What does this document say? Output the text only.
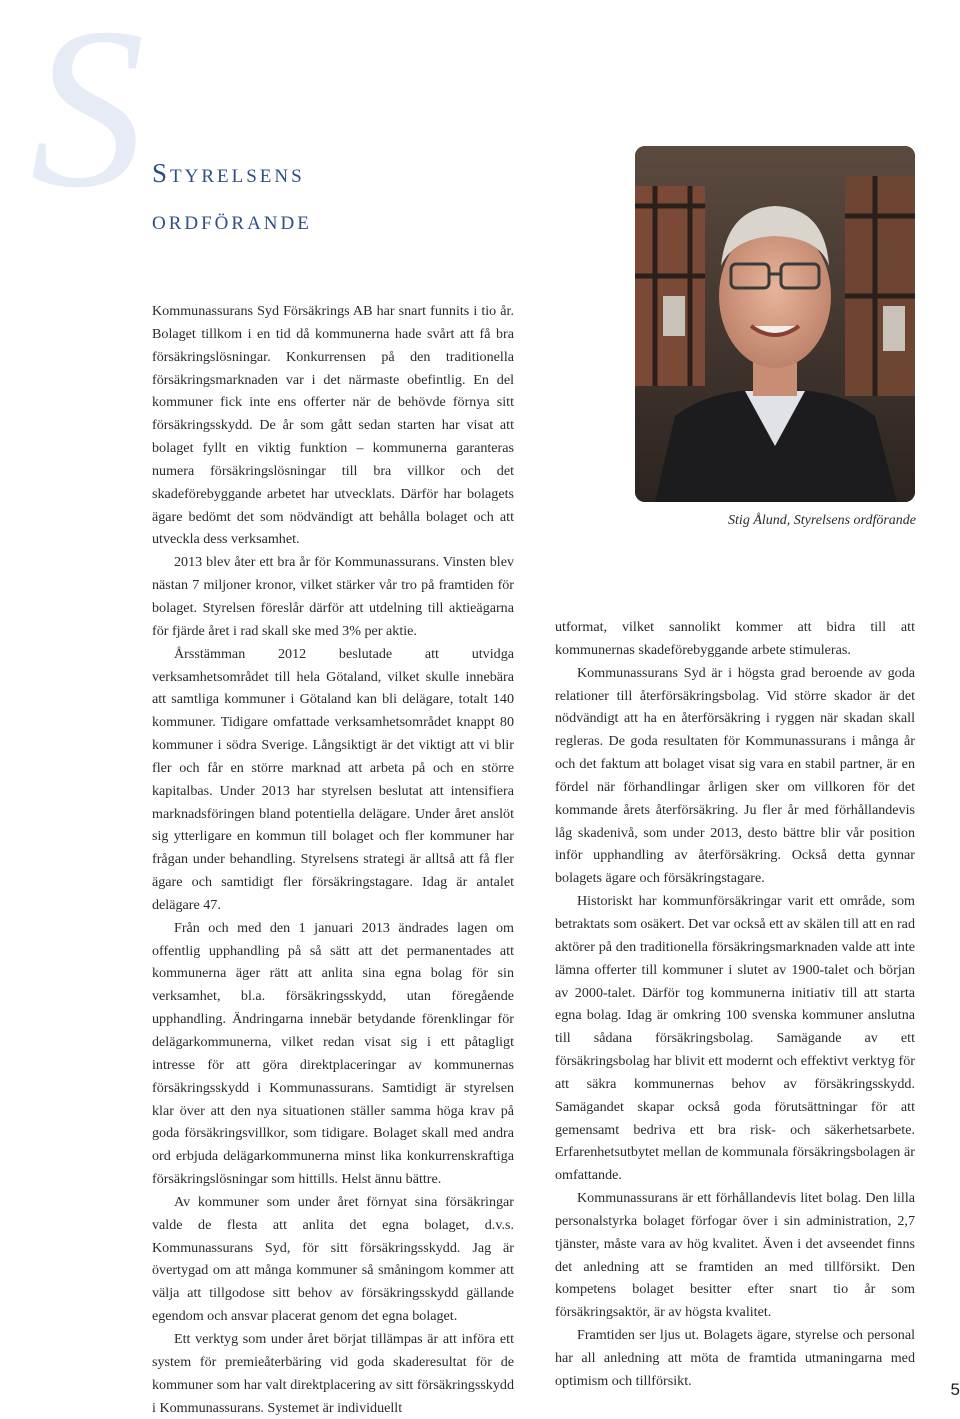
S Styrelsens
ordförande
Stig Ålund, Styrelsens ordförande

Kommunassurans Syd Försäkrings AB har snart funnits i tio år. Bolaget tillkom i en tid då kommunerna hade svårt att få bra försäkringslösningar. Konkurrensen på den traditionella försäkringsmarknaden var i det närmaste obefintlig. En del kommuner fick inte ens offerter när de behövde förnya sitt försäkringsskydd. De år som gått sedan starten har visat att bolaget fyllt en viktig funktion – kommunerna garanteras numera försäkringslösningar till bra villkor och det skadeförebyggande arbetet har utvecklats. Därför har bolagets ägare bedömt det som nödvändigt att behålla bolaget och att utveckla dess verksamhet.

2013 blev åter ett bra år för Kommunassurans. Vinsten blev nästan 7 miljoner kronor, vilket stärker vår tro på framtiden för bolaget. Styrelsen föreslår därför att utdelning till aktieägarna för fjärde året i rad skall ske med 3% per aktie.

Årsstämman 2012 beslutade att utvidga verksamhetsområdet till hela Götaland, vilket skulle innebära att samtliga kommuner i Götaland kan bli delägare, totalt 140 kommuner. Tidigare omfattade verksamhetsområdet knappt 80 kommuner i södra Sverige. Långsiktigt är det viktigt att vi blir fler och får en större marknad att arbeta på och en större kapitalbas. Under 2013 har styrelsen beslutat att intensifiera marknadsföringen bland potentiella delägare. Under året anslöt sig ytterligare en kommun till bolaget och fler kommuner har frågan under behandling. Styrelsens strategi är alltså att få fler ägare och samtidigt fler försäkringstagare. Idag är antalet delägare 47.

Från och med den 1 januari 2013 ändrades lagen om offentlig upphandling på så sätt att det permanentades att kommunerna äger rätt att anlita sina egna bolag för sin verksamhet, bl.a. försäkringsskydd, utan föregående upphandling. Ändringarna innebär betydande förenklingar för delägarkommunerna, vilket redan visat sig i ett påtagligt intresse för att göra direktplaceringar av kommunernas försäkringsskydd i Kommunassurans. Samtidigt är styrelsen klar över att den nya situationen ställer samma höga krav på goda försäkringsvillkor, som tidigare. Bolaget skall med andra ord erbjuda delägarkommunerna minst lika konkurrenskraftiga försäkringslösningar som hittills. Helst ännu bättre.

Av kommuner som under året förnyat sina försäkringar valde de flesta att anlita det egna bolaget, d.v.s. Kommunassurans Syd, för sitt försäkringsskydd. Jag är övertygad om att många kommuner så småningom kommer att välja att tillgodose sitt behov av försäkringsskydd gällande egendom och ansvar placerat genom det egna bolaget.

Ett verktyg som under året börjat tillämpas är att införa ett system för premieåterbäring vid goda skaderesultat för de kommuner som har valt direktplacering av sitt försäkringsskydd i Kommunassurans. Systemet är individuellt

utformat, vilket sannolikt kommer att bidra till att kommunernas skadeförebyggande arbete stimuleras.

Kommunassurans Syd är i högsta grad beroende av goda relationer till återförsäkringsbolag. Vid större skador är det nödvändigt att ha en återförsäkring i ryggen när skadan skall regleras. De goda resultaten för Kommunassurans i många år och det faktum att bolaget visat sig vara en stabil partner, är en fördel när förhandlingar årligen sker om villkoren för det kommande årets återförsäkring. Ju fler år med förhållandevis låg skadenivå, som under 2013, desto bättre blir vår position inför upphandling av återförsäkring. Också detta gynnar bolagets ägare och försäkringstagare.

Historiskt har kommunförsäkringar varit ett område, som betraktats som osäkert. Det var också ett av skälen till att en rad aktörer på den traditionella försäkringsmarknaden valde att inte lämna offerter till kommuner i slutet av 1900-talet och början av 2000-talet. Därför tog kommunerna initiativ till att starta egna bolag. Idag är omkring 100 svenska kommuner anslutna till sådana försäkringsbolag. Samägande av ett försäkringsbolag har blivit ett modernt och effektivt verktyg för att säkra kommunernas behov av försäkringsskydd. Samägandet skapar också goda förutsättningar för att gemensamt bedriva ett bra risk- och säkerhetsarbete. Erfarenhetsutbytet mellan de kommunala försäkringsbolagen är omfattande.

Kommunassurans är ett förhållandevis litet bolag. Den lilla personalstyrka bolaget förfogar över i sin administration, 2,7 tjänster, måste vara av hög kvalitet. Även i det avseendet finns det anledning att se framtiden an med tillförsikt. Den kompetens bolaget besitter efter snart tio år som försäkringsaktör, är av högsta kvalitet.

Framtiden ser ljus ut. Bolagets ägare, styrelse och personal har all anledning att möta de framtida utmaningarna med optimism och tillförsikt.	5
